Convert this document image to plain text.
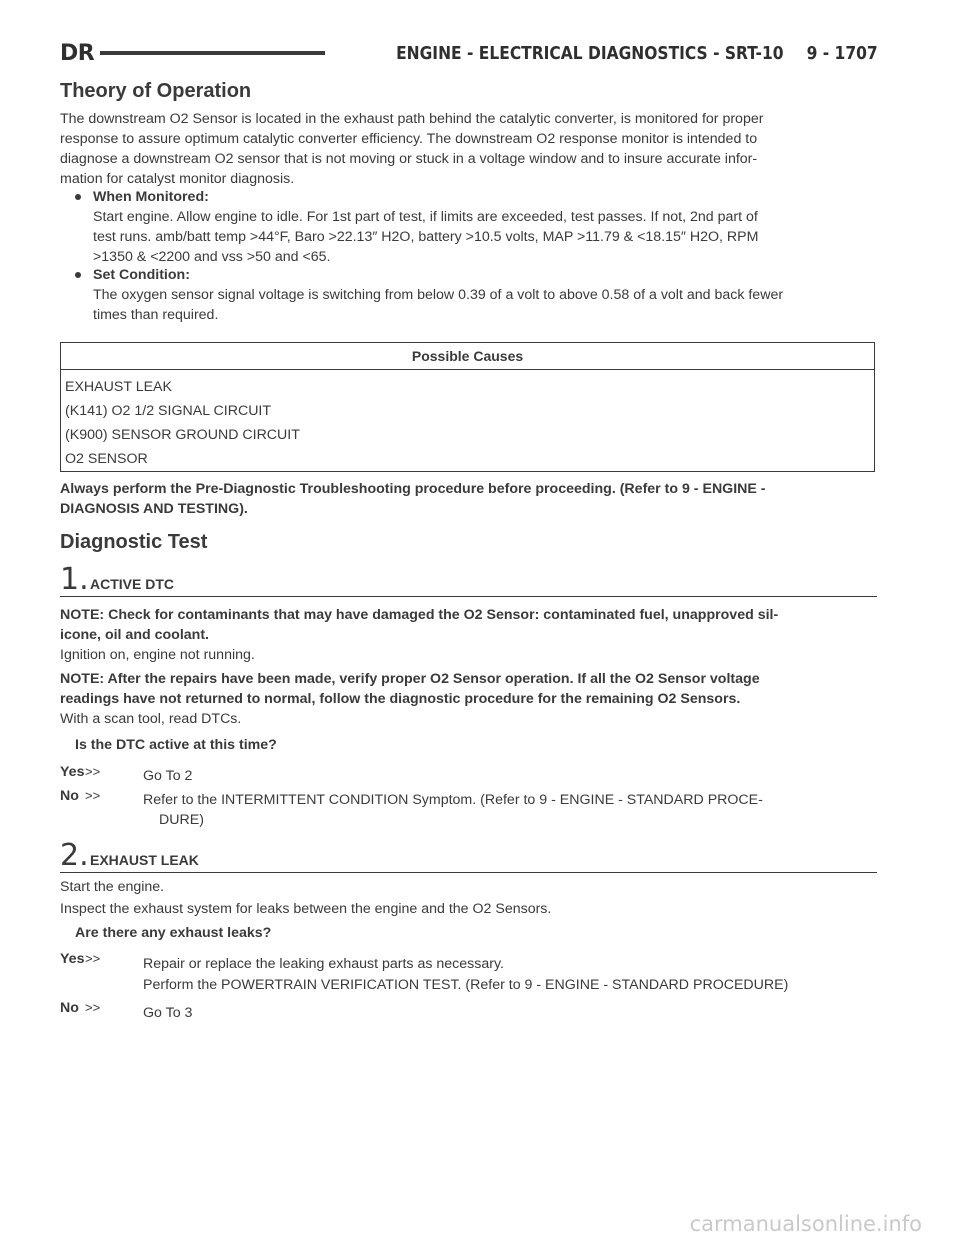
DR	ENGINE - ELECTRICAL DIAGNOSTICS - SRT-10 9 - 1707
Theory of Operation
The downstream O2 Sensor is located in the exhaust path behind the catalytic converter, is monitored for proper
response to assure optimum catalytic converter efficiency. The downstream O2 response monitor is intended to
diagnose a downstream O2 sensor that is not moving or stuck in a voltage window and to insure accurate infor-
mation for catalyst monitor diagnosis.
When Monitored:
Start engine. Allow engine to idle. For 1st part of test, if limits are exceeded, test passes. If not, 2nd part of
test runs. amb/batt temp >44°F, Baro >22.13″ H2O, battery >10.5 volts, MAP >11.79 & <18.15″ H2O, RPM
>1350 & <2200 and vss >50 and <65.
Set Condition:
The oxygen sensor signal voltage is switching from below 0.39 of a volt to above 0.58 of a volt and back fewer
times than required.
Possible Causes
EXHAUST LEAK
(K141) O2 1/2 SIGNAL CIRCUIT
(K900) SENSOR GROUND CIRCUIT
O2 SENSOR
Always perform the Pre-Diagnostic Troubleshooting procedure before proceeding. (Refer to 9 - ENGINE -
DIAGNOSIS AND TESTING).
Diagnostic Test
1. ACTIVE DTC
NOTE: Check for contaminants that may have damaged the O2 Sensor: contaminated fuel, unapproved sil-
icone, oil and coolant.
Ignition on, engine not running.
NOTE: After the repairs have been made, verify proper O2 Sensor operation. If all the O2 Sensor voltage
readings have not returned to normal, follow the diagnostic procedure for the remaining O2 Sensors.
With a scan tool, read DTCs.
Is the DTC active at this time?
Yes >>	Go To 2
No >>	Refer to the INTERMITTENT CONDITION Symptom. (Refer to 9 - ENGINE - STANDARD PROCE-
DURE)
2. EXHAUST LEAK
Start the engine.
Inspect the exhaust system for leaks between the engine and the O2 Sensors.
Are there any exhaust leaks?
Yes >>	Repair or replace the leaking exhaust parts as necessary.
Perform the POWERTRAIN VERIFICATION TEST. (Refer to 9 - ENGINE - STANDARD PROCEDURE)
No >>	Go To 3
carmanualsonline.info
